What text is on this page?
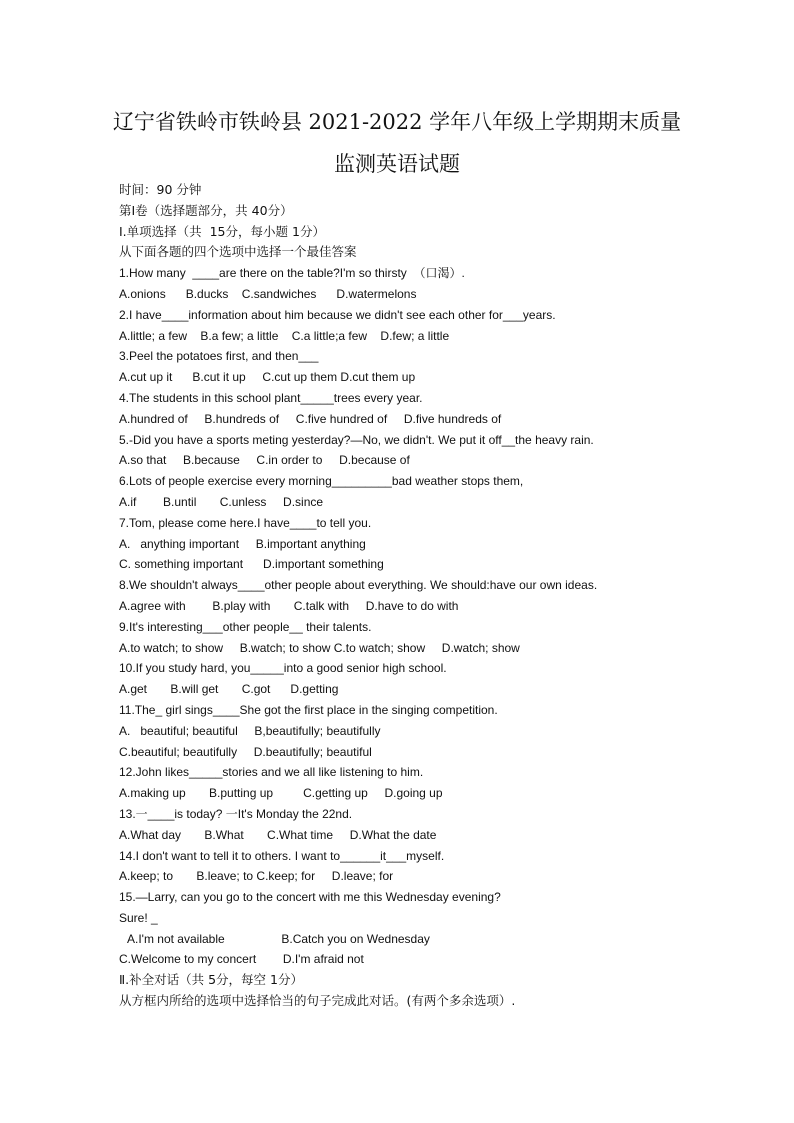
辽宁省铁岭市铁岭县 2021-2022 学年八年级上学期期末质量
监测英语试题
时间：90 分钟
第Ⅰ卷（选择题部分，共 40分）
Ⅰ.单项选择（共  15分，每小题 1分）
从下面各题的四个选项中选择一个最佳答案
1.How many  ____are there on the table?I'm so thirsty  （口渴）.
A.onions      B.ducks    C.sandwiches      D.watermelons
2.I have____information about him because we didn't see each other for___years.
A.little; a few    B.a few; a little    C.a little;a few    D.few; a little
3.Peel the potatoes first, and then___
A.cut up it      B.cut it up     C.cut up them D.cut them up
4.The students in this school plant_____trees every year.
A.hundred of     B.hundreds of     C.five hundred of     D.five hundreds of
5.-Did you have a sports meting yesterday?—No, we didn't. We put it off__the heavy rain.
A.so that     B.because     C.in order to     D.because of
6.Lots of people exercise every morning_________bad weather stops them,
A.if        B.until       C.unless     D.since
7.Tom, please come here.I have____to tell you.
A.   anything important     B.important anything
C. something important      D.important something
8.We shouldn't always____other people about everything. We should:have our own ideas.
A.agree with        B.play with       C.talk with     D.have to do with
9.It's interesting___other people__ their talents.
A.to watch; to show     B.watch; to show C.to watch; show     D.watch; show
10.If you study hard, you_____into a good senior high school.
A.get       B.will get       C.got      D.getting
11.The_ girl sings____She got the first place in the singing competition.
A.   beautiful; beautiful     B,beautifully; beautifully
C.beautiful; beautifully     D.beautifully; beautiful
12.John likes_____stories and we all like listening to him.
A.making up       B.putting up         C.getting up     D.going up
13.一____is today? 一It's Monday the 22nd.
A.What day       B.What       C.What time     D.What the date
14.I don't want to tell it to others. I want to______it___myself.
A.keep; to       B.leave; to C.keep; for     D.leave; for
15.—Larry, can you go to the concert with me this Wednesday evening?
Sure! _
A.I'm not available                 B.Catch you on Wednesday
C.Welcome to my concert        D.I'm afraid not
Ⅱ.补全对话（共 5分，每空 1分）
从方框内所给的选项中选择恰当的句子完成此对话。(有两个多余选项）.
